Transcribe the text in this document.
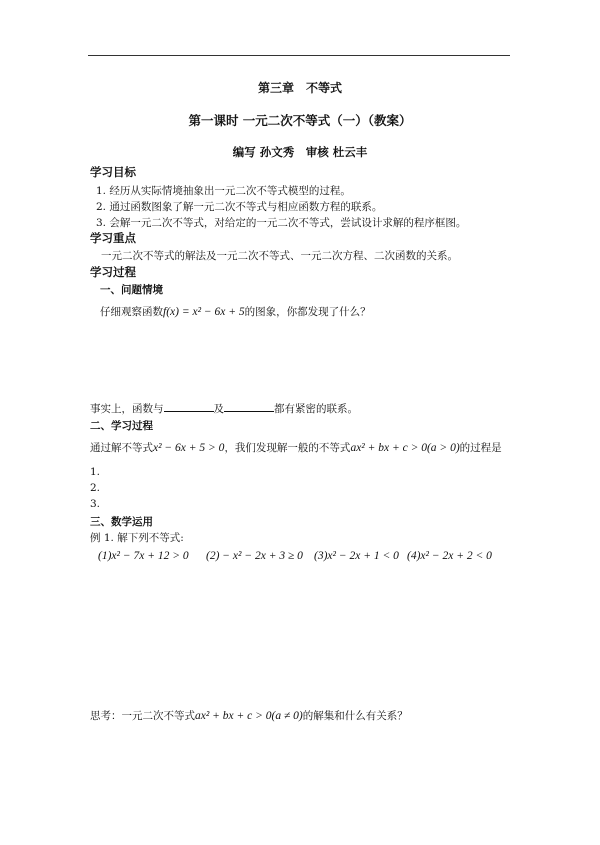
第三章　不等式
第一课时 一元二次不等式（一）（教案）
编写 孙文秀　审核 杜云丰
学习目标
1. 经历从实际情境抽象出一元二次不等式模型的过程。
2. 通过函数图象了解一元二次不等式与相应函数方程的联系。
3. 会解一元二次不等式，对给定的一元二次不等式，尝试设计求解的程序框图。
学习重点
一元二次不等式的解法及一元二次不等式、一元二次方程、二次函数的关系。
学习过程
一、问题情境
仔细观察函数f(x) = x² − 6x + 5的图象，你都发现了什么？
事实上，函数与	及	都有紧密的联系。
二、学习过程
通过解不等式x² − 6x + 5 > 0，我们发现解一般的不等式ax² + bx + c > 0(a > 0)的过程是
1.
2.
3.
三、数学运用
例 1. 解下列不等式:
(1)x² − 7x + 12 > 0 (2) − x² − 2x + 3 ≥ 0 (3)x² − 2x + 1 < 0 (4)x² − 2x + 2 < 0
思考：一元二次不等式ax² + bx + c > 0(a ≠ 0)的解集和什么有关系？
